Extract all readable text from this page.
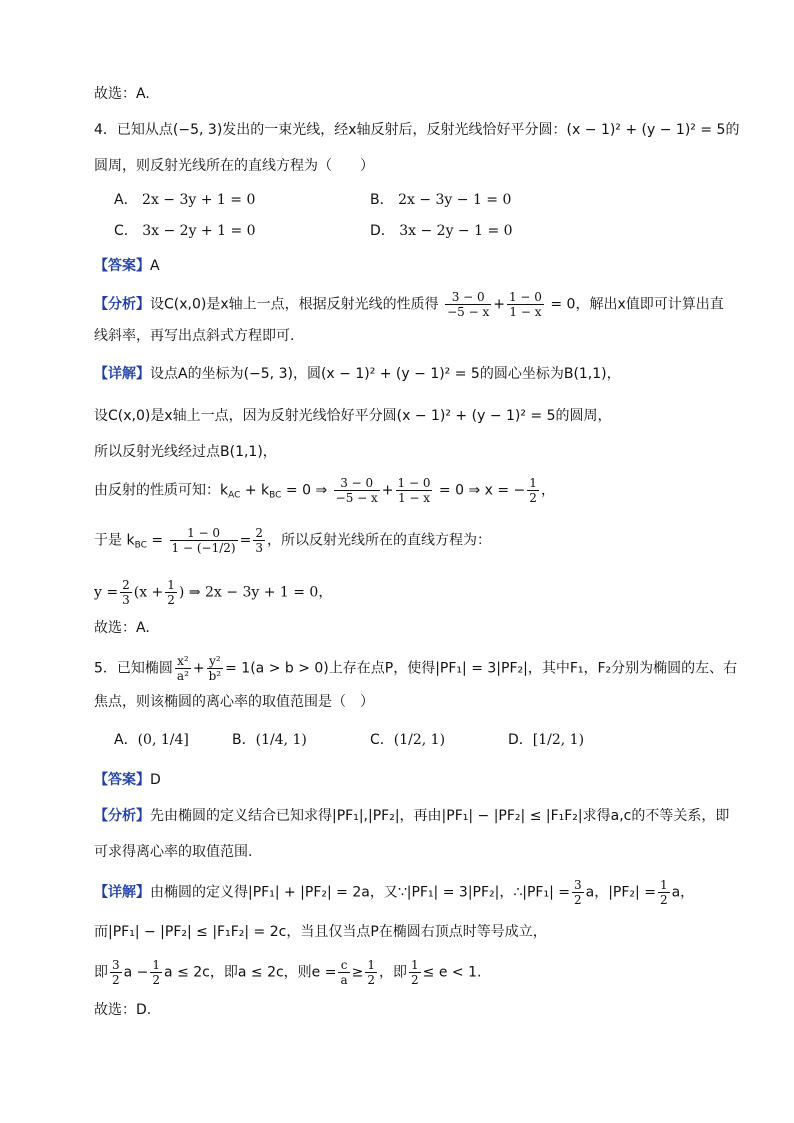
故选：A.
4．已知从点(−5, 3)发出的一束光线，经x轴反射后，反射光线恰好平分圆：(x − 1)² + (y − 1)² = 5的
圆周，则反射光线所在的直线方程为（　　）
A． 2x − 3y + 1 = 0	B． 2x − 3y − 1 = 0
C． 3x − 2y + 1 = 0	D． 3x − 2y − 1 = 0
【答案】A
【分析】设C(x,0)是x轴上一点，根据反射光线的性质得 $\frac{3 - 0}{-5 - x} + \frac{1 - 0}{1 - x} = 0$，解出x值即可计算出直
线斜率，再写出点斜式方程即可.
【详解】设点A的坐标为(−5, 3)，圆(x − 1)² + (y − 1)² = 5的圆心坐标为B(1,1)，
设C(x,0)是x轴上一点，因为反射光线恰好平分圆(x − 1)² + (y − 1)² = 5的圆周，
所以反射光线经过点B(1,1)，
由反射的性质可知：$k_{AC} + k_{BC} = 0$ ⇒ $\frac{3 - 0}{-5 - x} + \frac{1 - 0}{1 - x} = 0$ ⇒ x = − $\frac{1}{2}$ ，
于是 $k_{BC} = \frac{1 - 0}{1 - (-1/2)} = \frac{2}{3}$ ，所以反射光线所在的直线方程为：
$y = \frac{2}{3} (x + \frac{1}{2}$ ) ⇒ 2x − 3y + 1 = 0，
故选：A.
5．已知椭圆 $\frac{\text{x²}}{\text{a²}} + \frac{\text{y²}}{\text{b²}} = 1(a > b > 0)$上存在点P，使得|PF₁| = 3|PF₂|，其中F₁，F₂分别为椭圆的左、右
焦点，则该椭圆的离心率的取值范围是（　）
A．(0, 1/4]	B．(1/4, 1)	C．(1/2, 1)	D．[1/2, 1)
【答案】D
【分析】先由椭圆的定义结合已知求得|PF₁|,|PF₂|，再由|PF₁| − |PF₂| ≤ |F₁F₂|求得a,c的不等关系，即
可求得离心率的取值范围.
【详解】由椭圆的定义得|PF₁| + |PF₂| = 2a，又∵|PF₁| = 3|PF₂|，∴|PF₁| = $\frac{3}{2}$ a，$|PF_2| = \frac{1}{2}$ a，
而|PF₁| − |PF₂| ≤ |F₁F₂| = 2c，当且仅当点P在椭圆右顶点时等号成立，
即 $\frac{3}{2}$ $a - \frac{1}{2}$ a ≤ 2c，即a ≤ 2c，则$e = \frac{c}{a} \ge \frac{1}{2}$ ，即 $\frac{1}{2} \le e < 1$.
故选：D.
